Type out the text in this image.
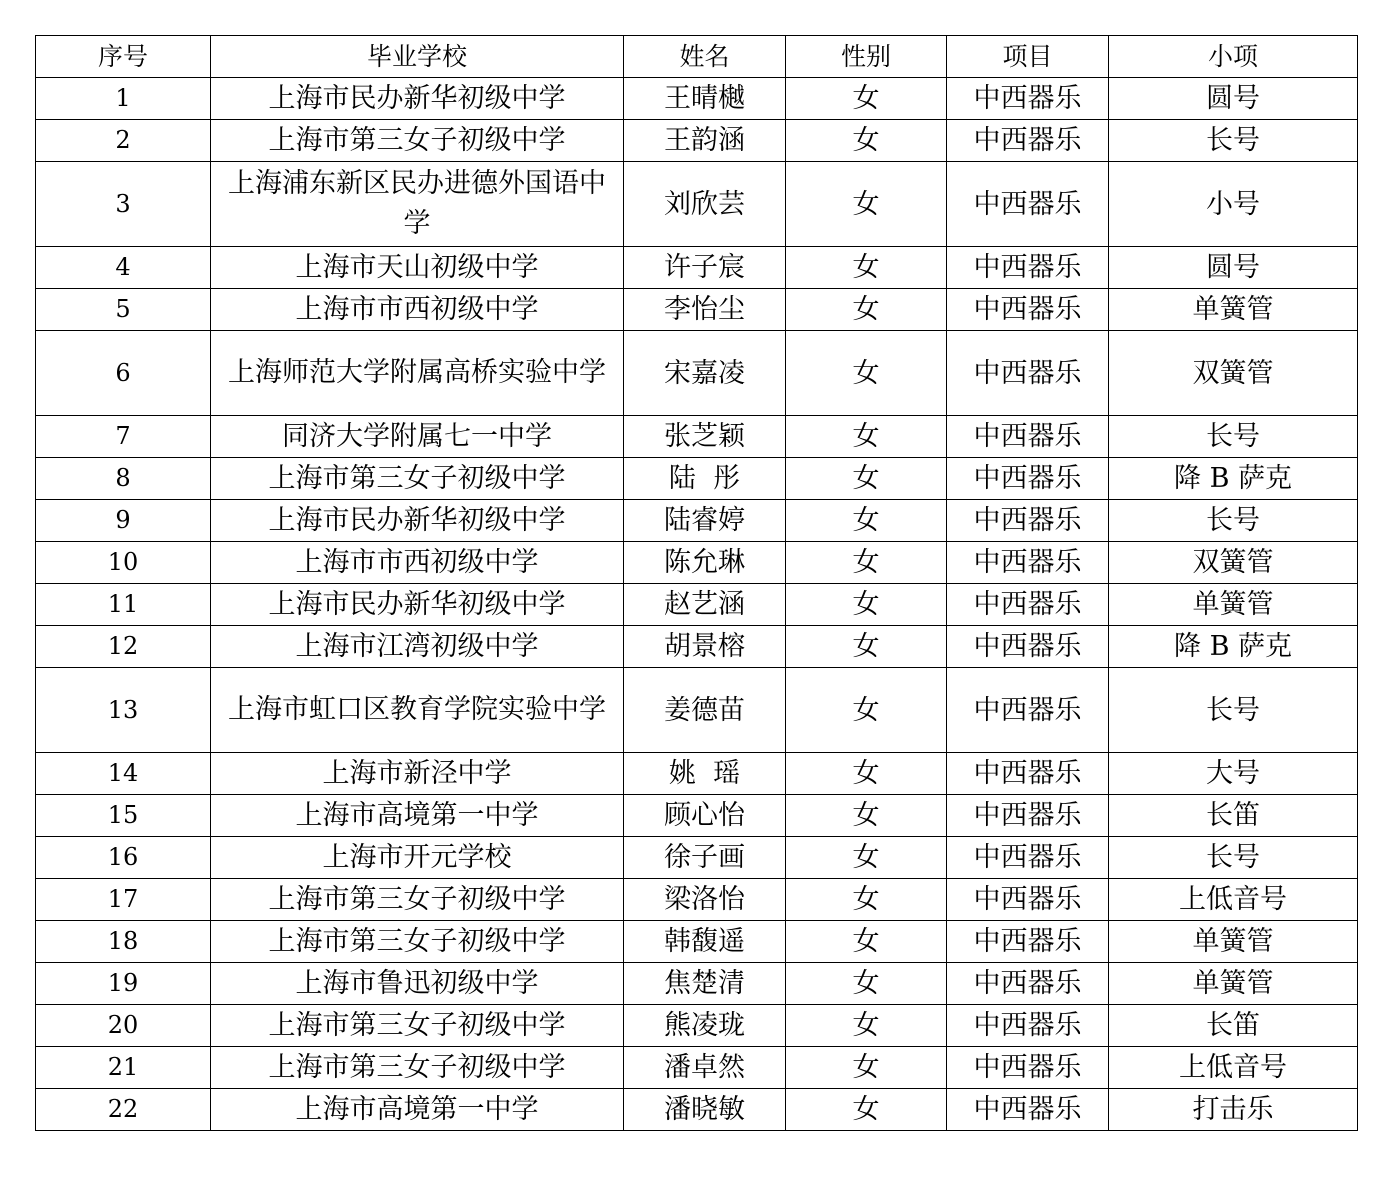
序号	毕业学校	姓名	性别	项目	小项
1	上海市民办新华初级中学	王晴樾	女	中西器乐	圆号
2	上海市第三女子初级中学	王韵涵	女	中西器乐	长号
3	上海浦东新区民办进德外国语中学	刘欣芸	女	中西器乐	小号
4	上海市天山初级中学	许子宸	女	中西器乐	圆号
5	上海市市西初级中学	李怡尘	女	中西器乐	单簧管
6	上海师范大学附属高桥实验中学	宋嘉凌	女	中西器乐	双簧管
7	同济大学附属七一中学	张芝颖	女	中西器乐	长号
8	上海市第三女子初级中学	陆  彤	女	中西器乐	降 B 萨克
9	上海市民办新华初级中学	陆睿婷	女	中西器乐	长号
10	上海市市西初级中学	陈允琳	女	中西器乐	双簧管
11	上海市民办新华初级中学	赵艺涵	女	中西器乐	单簧管
12	上海市江湾初级中学	胡景榕	女	中西器乐	降 B 萨克
13	上海市虹口区教育学院实验中学	姜德苗	女	中西器乐	长号
14	上海市新泾中学	姚  瑶	女	中西器乐	大号
15	上海市高境第一中学	顾心怡	女	中西器乐	长笛
16	上海市开元学校	徐子画	女	中西器乐	长号
17	上海市第三女子初级中学	梁洛怡	女	中西器乐	上低音号
18	上海市第三女子初级中学	韩馥遥	女	中西器乐	单簧管
19	上海市鲁迅初级中学	焦楚清	女	中西器乐	单簧管
20	上海市第三女子初级中学	熊凌珑	女	中西器乐	长笛
21	上海市第三女子初级中学	潘卓然	女	中西器乐	上低音号
22	上海市高境第一中学	潘晓敏	女	中西器乐	打击乐
